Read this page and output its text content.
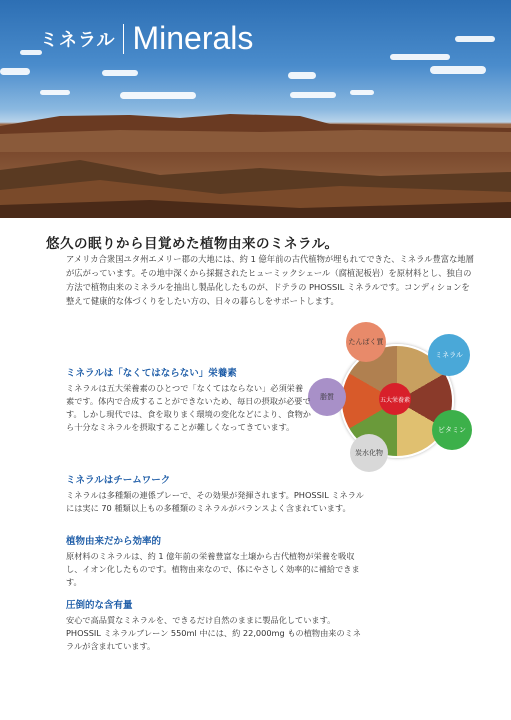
ミネラル Minerals
悠久の眠りから目覚めた植物由来のミネラル。
アメリカ合衆国ユタ州エメリー郡の大地には、約 1 億年前の古代植物が埋もれてできた、ミネラル豊富な地層が広がっています。その地中深くから採掘されたヒューミックシェール（腐植泥板岩）を原材料とし、独自の方法で植物由来のミネラルを抽出し製品化したものが、ドテラの PHOSSIL ミネラルです。コンディションを整えて健康的な体づくりをしたい方の、日々の暮らしをサポートします。
五大栄養素
たんぱく質
ミネラル
ビタミン
炭水化物
脂質
ミネラルは「なくてはならない」栄養素
ミネラルは五大栄養素のひとつで「なくてはならない」必須栄養素です。体内で合成することができないため、毎日の摂取が必要です。しかし現代では、食を取りまく環境の変化などにより、食物から十分なミネラルを摂取することが難しくなってきています。
ミネラルはチームワーク
ミネラルは多種類の連係プレーで、その効果が発揮されます。PHOSSIL ミネラルには実に 70 種類以上もの多種類のミネラルがバランスよく含まれています。
植物由来だから効率的
原材料のミネラルは、約 1 億年前の栄養豊富な土壌から古代植物が栄養を吸収し、イオン化したものです。植物由来なので、体にやさしく効率的に補給できます。
圧倒的な含有量
安心で高品質なミネラルを、できるだけ自然のままに製品化しています。PHOSSIL ミネラルブレーン 550ml 中には、約 22,000mg もの植物由来のミネラルが含まれています。
